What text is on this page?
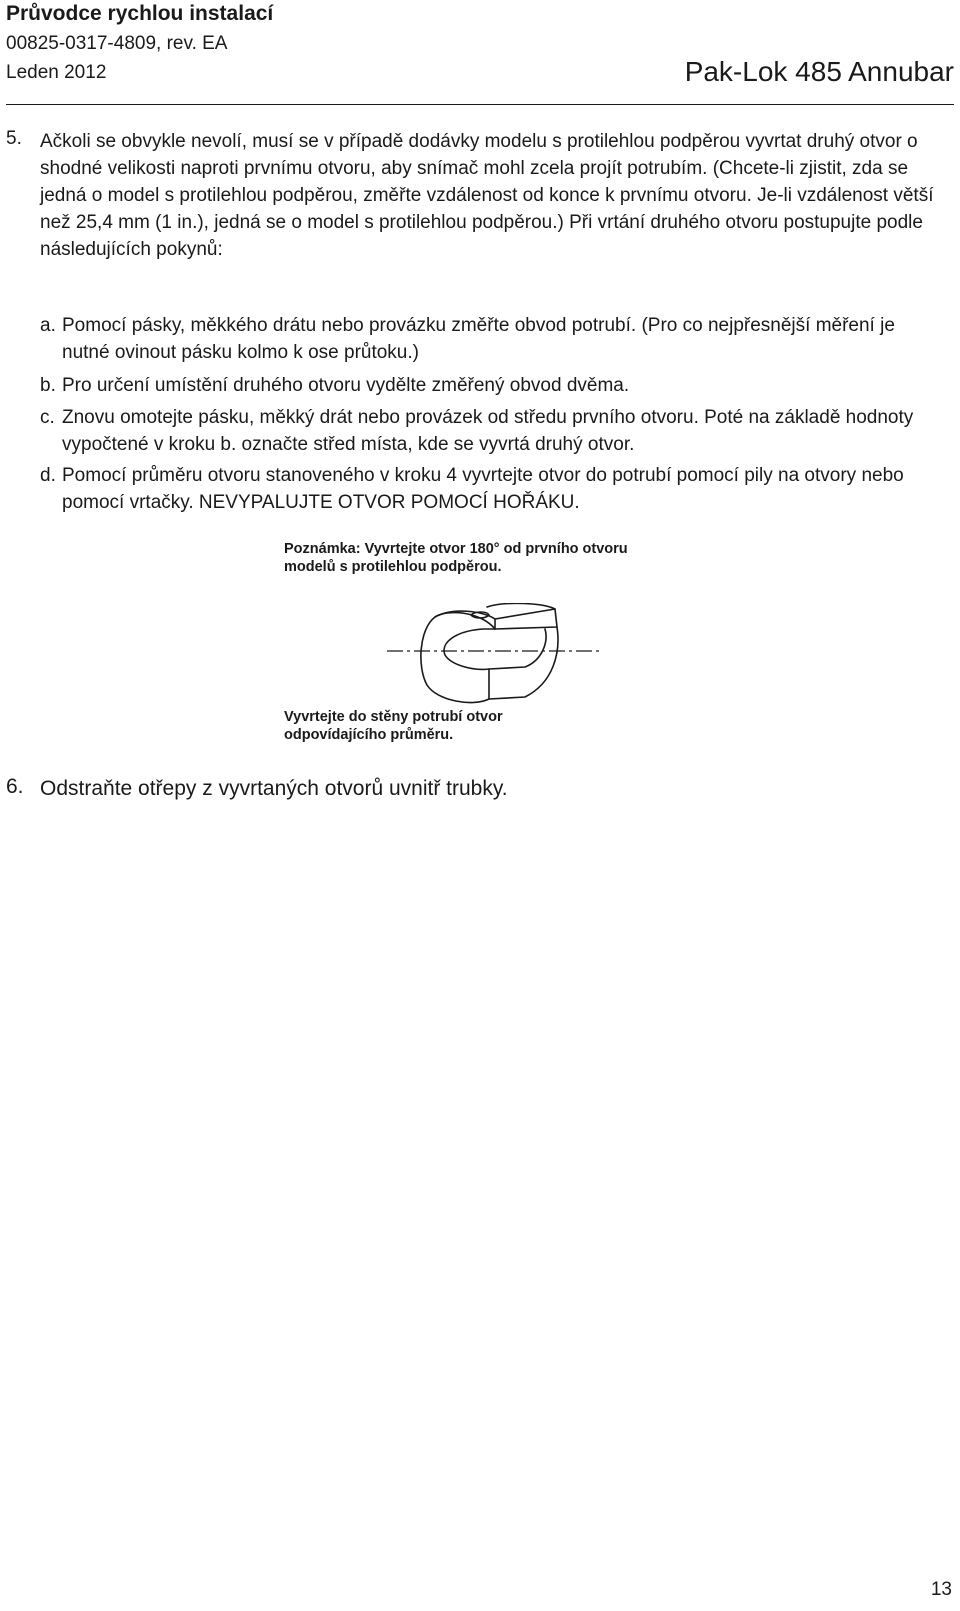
Průvodce rychlou instalací
00825-0317-4809, rev. EA
Leden 2012	Pak-Lok 485 Annubar
5. Ačkoli se obvykle nevolí, musí se v případě dodávky modelu s protilehlou podpěrou vyvrtat druhý otvor o shodné velikosti naproti prvnímu otvoru, aby snímač mohl zcela projít potrubím. (Chcete-li zjistit, zda se jedná o model s protilehlou podpěrou, změřte vzdálenost od konce k prvnímu otvoru. Je-li vzdálenost větší než 25,4 mm (1 in.), jedná se o model s protilehlou podpěrou.) Při vrtání druhého otvoru postupujte podle následujících pokynů:
a. Pomocí pásky, měkkého drátu nebo provázku změřte obvod potrubí. (Pro co nejpřesnější měření je nutné ovinout pásku kolmo k ose průtoku.)
b. Pro určení umístění druhého otvoru vydělte změřený obvod dvěma.
c. Znovu omotejte pásku, měkký drát nebo provázek od středu prvního otvoru. Poté na základě hodnoty vypočtené v kroku b. označte střed místa, kde se vyvrtá druhý otvor.
d. Pomocí průměru otvoru stanoveného v kroku 4 vyvrtejte otvor do potrubí pomocí pily na otvory nebo pomocí vrtačky. NEVYPALUJTE OTVOR POMOCÍ HOŘÁKU.
Poznámka: Vyvrtejte otvor 180° od prvního otvoru modelů s protilehlou podpěrou.
Vyvrtejte do stěny potrubí otvor odpovídajícího průměru.
6. Odstraňte otřepy z vyvrtaných otvorů uvnitř trubky.
13
